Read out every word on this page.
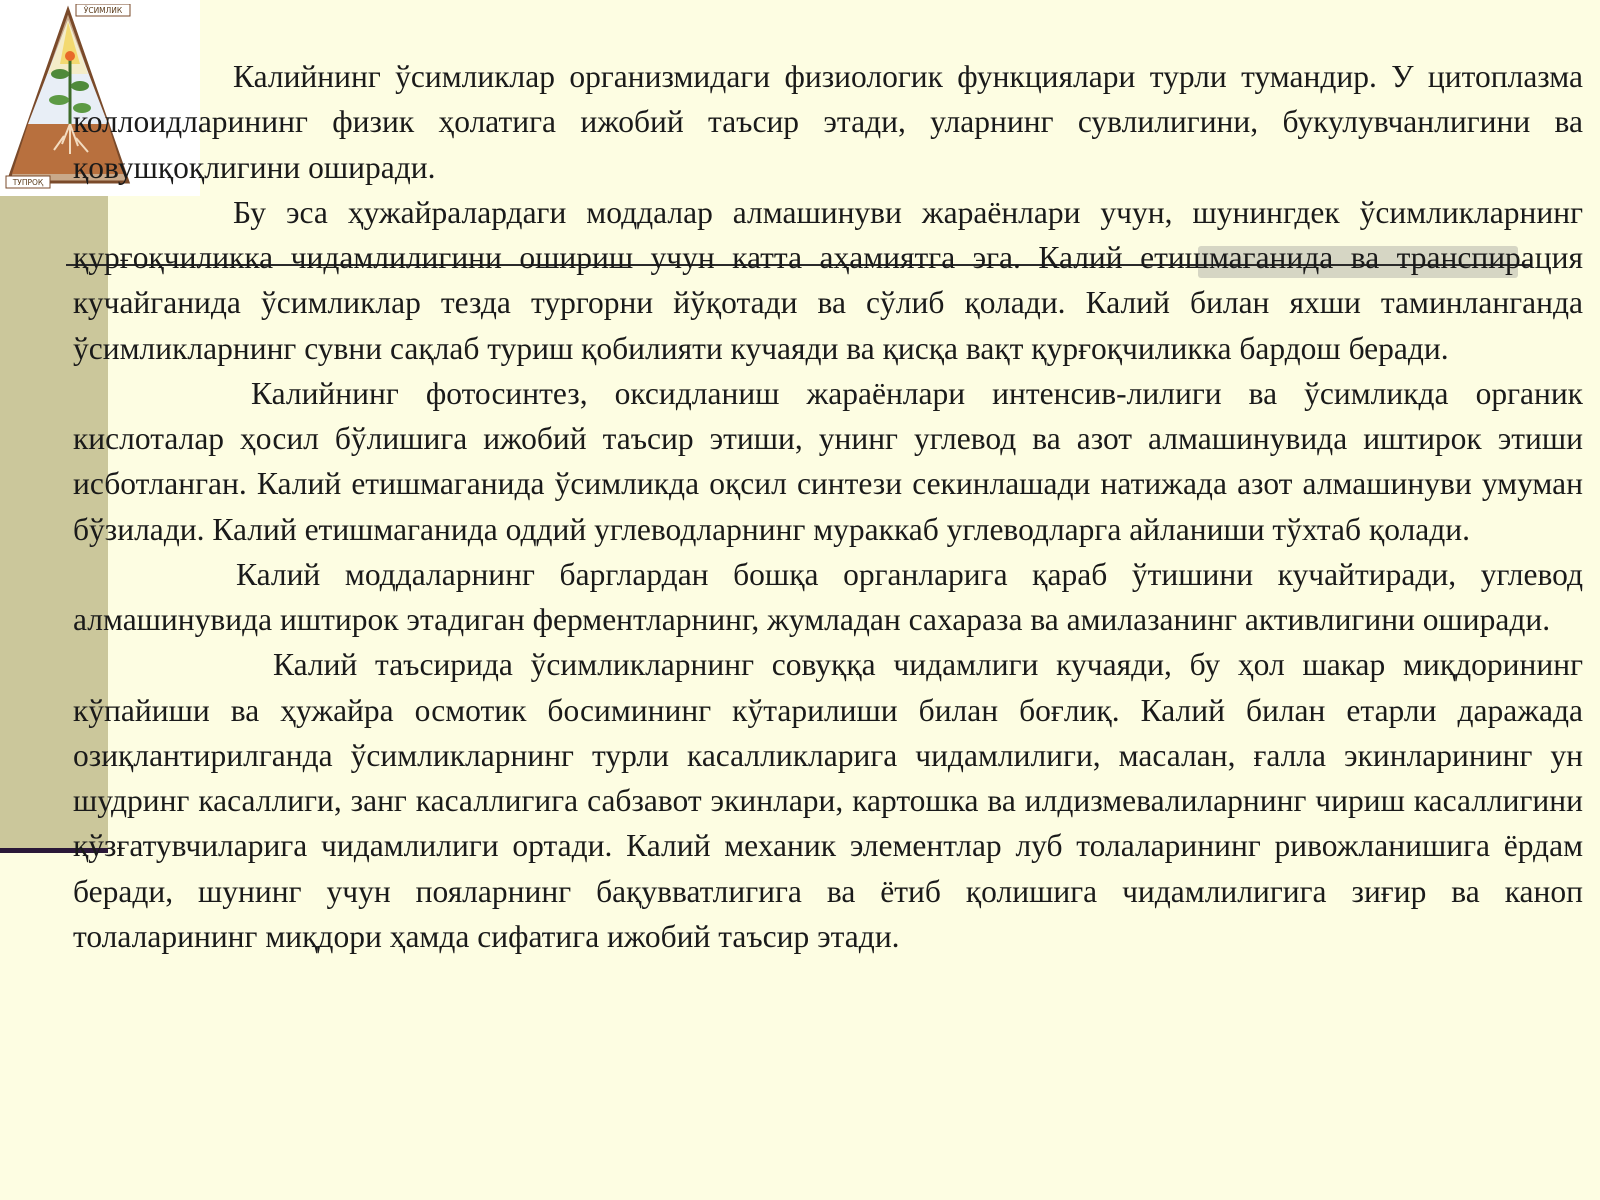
ЎСИМЛИК
ТУПРОҚ

Калийнинг ўсимликлар организмидаги физиологик функциялари турли тумандир. У цитоплазма коллоидларининг физик ҳолатига ижобий таъсир этади, уларнинг сувлилигини, букулувчанлигини ва қовушқоқлигини оширади.

Бу эса ҳужайралардаги моддалар алмашинуви жараёнлари учун, шунингдек ўсимликларнинг қурғоқчиликка чидамлилигини ошириш учун катта аҳамиятга эга. Калий етишмаганида ва транспирация кучайганида ўсимликлар тезда тургорни йўқотади ва сўлиб қолади. Калий билан яхши таминланганда ўсимликларнинг сувни сақлаб туриш қобилияти кучаяди ва қисқа вақт қурғоқчиликка бардош беради.

Калийнинг фотосинтез, оксидланиш жараёнлари интенсив-лилиги ва ўсимликда органик кислоталар ҳосил бўлишига ижобий таъсир этиши, унинг углевод ва азот алмашинувида иштирок этиши исботланган. Калий етишмаганида ўсимликда оқсил синтези секинлашади натижада азот алмашинуви умуман бўзилади. Калий етишмаганида оддий углеводларнинг мураккаб углеводларга айланиши тўхтаб қолади.

Калий моддаларнинг барглардан бошқа органларига қараб ўтишини кучайтиради, углевод алмашинувида иштирок этадиган ферментларнинг, жумладан сахараза ва амилазанинг активлигини оширади.

Калий таъсирида ўсимликларнинг совуққа чидамлиги кучаяди, бу ҳол шакар миқдорининг кўпайиши ва ҳужайра осмотик босимининг кўтарилиши билан боғлиқ. Калий билан етарли даражада озиқлантирилганда ўсимликларнинг турли касалликларига чидамлилиги, масалан, ғалла экинларининг ун шудринг касаллиги, занг касаллигига сабзавот экинлари, картошка ва илдизмевалиларнинг чириш касаллигини қўзғатувчиларига чидамлилиги ортади. Калий механик элементлар луб толаларининг ривожланишига ёрдам беради, шунинг учун пояларнинг бақувватлигига ва ётиб қолишига чидамлилигига зиғир ва каноп толаларининг миқдори ҳамда сифатига ижобий таъсир этади.
